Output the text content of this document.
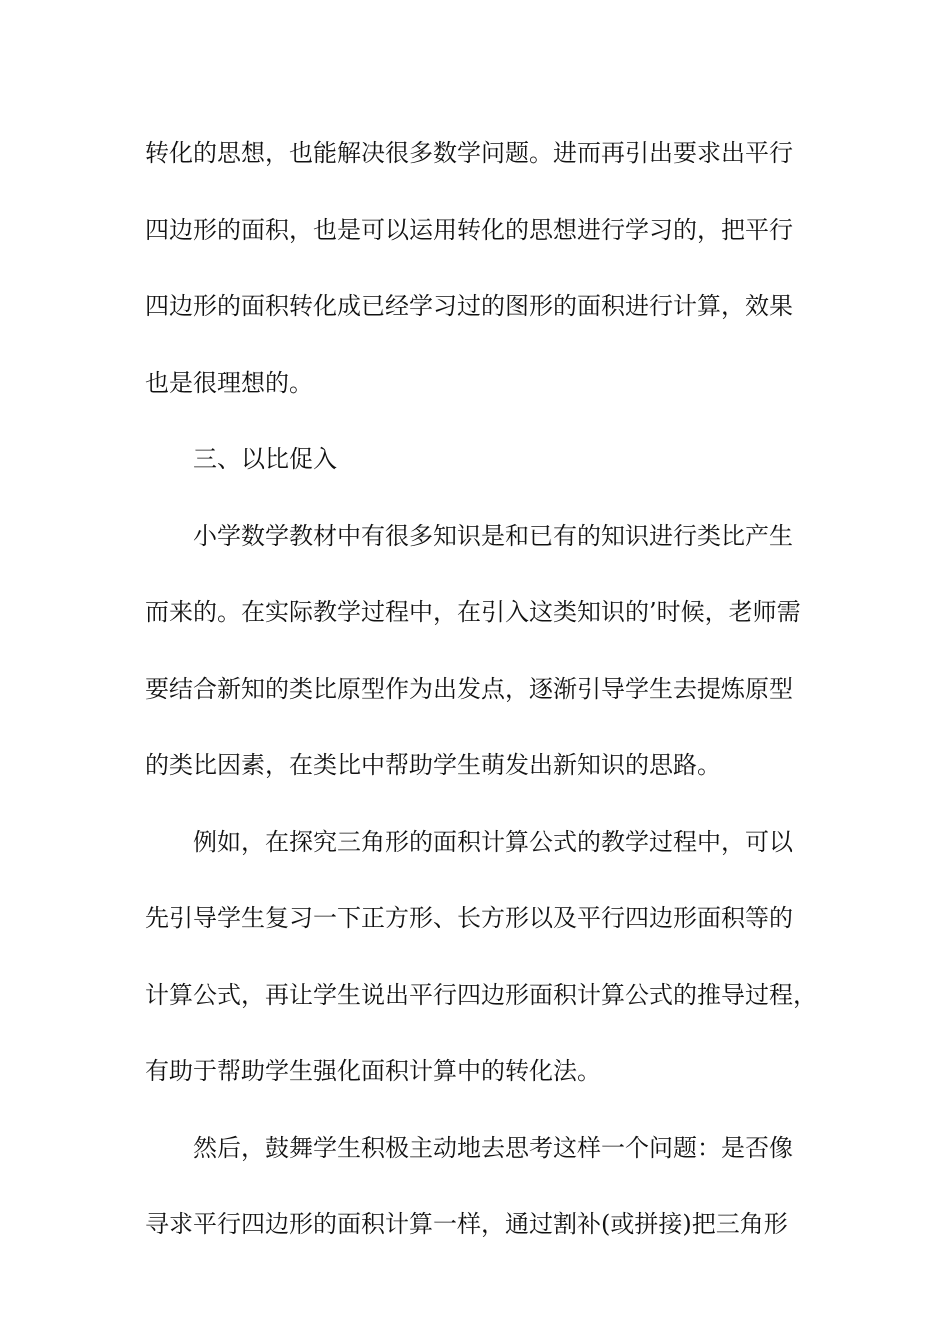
转化的思想，也能解决很多数学问题。进而再引出要求出平行
四边形的面积，也是可以运用转化的思想进行学习的，把平行
四边形的面积转化成已经学习过的图形的面积进行计算，效果
也是很理想的。
三、以比促入
小学数学教材中有很多知识是和已有的知识进行类比产生
而来的。在实际教学过程中，在引入这类知识的’时候，老师需
要结合新知的类比原型作为出发点，逐渐引导学生去提炼原型
的类比因素，在类比中帮助学生萌发出新知识的思路。
例如，在探究三角形的面积计算公式的教学过程中，可以
先引导学生复习一下正方形、长方形以及平行四边形面积等的
计算公式，再让学生说出平行四边形面积计算公式的推导过程，
有助于帮助学生强化面积计算中的转化法。
然后，鼓舞学生积极主动地去思考这样一个问题：是否像
寻求平行四边形的面积计算一样，通过割补(或拼接)把三角形
